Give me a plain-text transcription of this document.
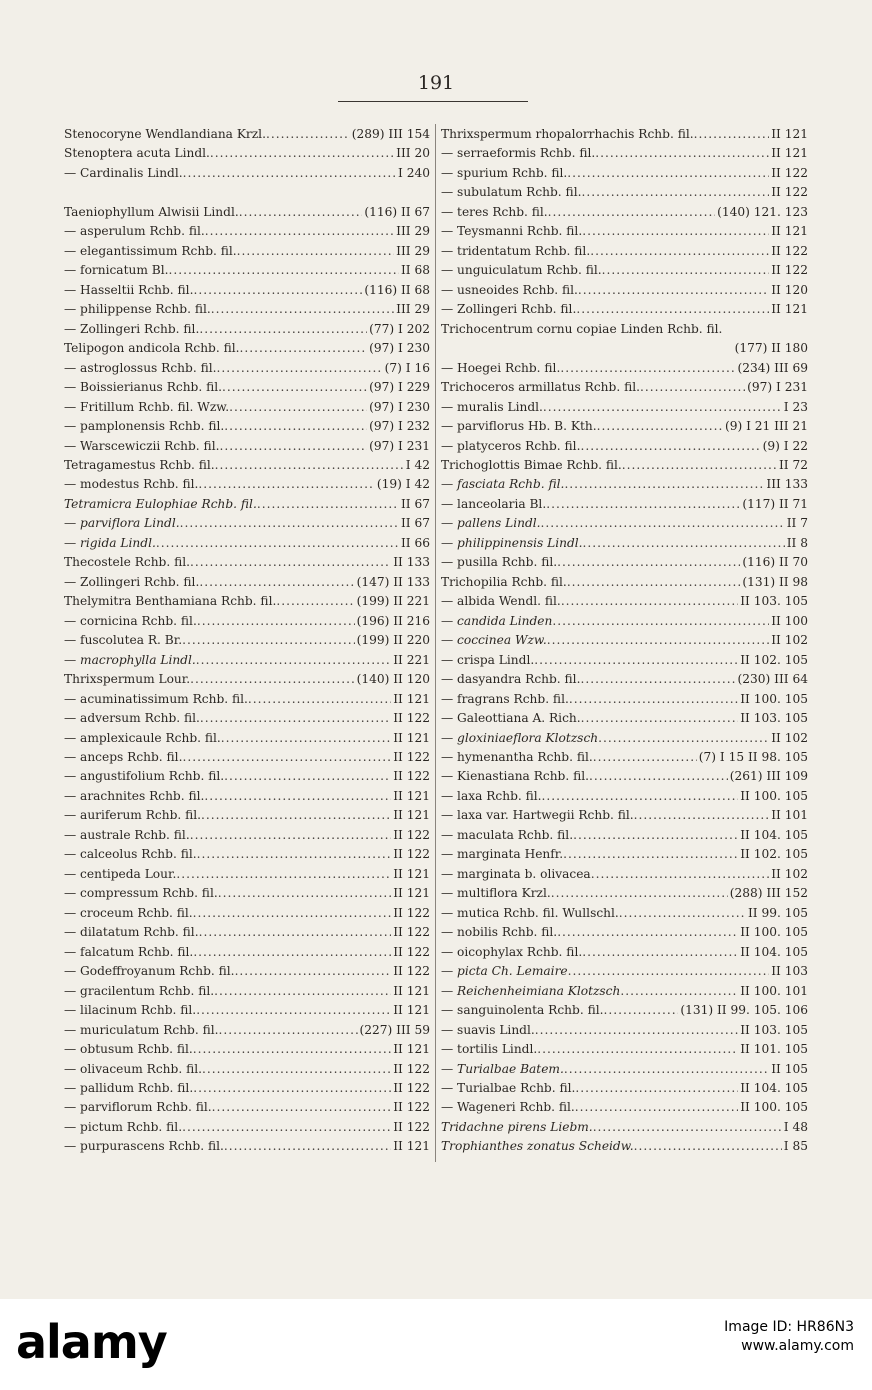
191
Stenocoryne Wendlandiana Krzl. .....	(289) III 154
Stenoptera acuta Lindl. .....	III 20
— Cardinalis Lindl. .....	I 240
Taeniophyllum Alwisii Lindl. .....	(116) II 67
— asperulum Rchb. fil. .....	III 29
— elegantissimum Rchb. fil. .....	III 29
— fornicatum Bl. .....	II 68
— Hasseltii Rchb. fil. .....	(116) II 68
— philippense Rchb. fil. .....	III 29
— Zollingeri Rchb. fil. .....	(77) I 202
Telipogon andicola Rchb. fil. .....	(97) I 230
— astroglossus Rchb. fil. .....	(7) I 16
— Boissierianus Rchb. fil. .....	(97) I 229
— Fritillum Rchb. fil. Wzw. .....	(97) I 230
— pamplonensis Rchb. fil. .....	(97) I 232
— Warscewiczii Rchb. fil. .....	(97) I 231
Tetragamestus Rchb. fil. .....	I 42
— modestus Rchb. fil. .....	(19) I 42
Tetramicra Eulophiae Rchb. fil. .....	II 67
— parviflora Lindl. .....	II 67
— rigida Lindl. .....	II 66
Thecostele Rchb. fil. .....	II 133
— Zollingeri Rchb. fil. .....	(147) II 133
Thelymitra Benthamiana Rchb. fil. .....	(199) II 221
— cornicina Rchb. fil. .....	(196) II 216
— fuscolutea R. Br. .....	(199) II 220
— macrophylla Lindl. .....	II 221
Thrixspermum Lour. .....	(140) II 120
— acuminatissimum Rchb. fil. .....	II 121
— adversum Rchb. fil. .....	II 122
— amplexicaule Rchb. fil. .....	II 121
— anceps Rchb. fil. .....	II 122
— angustifolium Rchb. fil. .....	II 122
— arachnites Rchb. fil. .....	II 121
— auriferum Rchb. fil. .....	II 121
— australe Rchb. fil. .....	II 122
— calceolus Rchb. fil. .....	II 122
— centipeda Lour. .....	II 121
— compressum Rchb. fil. .....	II 121
— croceum Rchb. fil. .....	II 122
— dilatatum Rchb. fil. .....	II 122
— falcatum Rchb. fil. .....	II 122
— Godeffroyanum Rchb. fil. .....	II 122
— gracilentum Rchb. fil. .....	II 121
— lilacinum Rchb. fil. .....	II 121
— muriculatum Rchb. fil. .....	(227) III 59
— obtusum Rchb. fil. .....	II 121
— olivaceum Rchb. fil. .....	II 122
— pallidum Rchb. fil. .....	II 122
— parviflorum Rchb. fil. .....	II 122
— pictum Rchb. fil. .....	II 122
— purpurascens Rchb. fil. .....	II 121
Thrixspermum rhopalorrhachis Rchb. fil. .....	II 121
— serraeformis Rchb. fil. .....	II 121
— spurium Rchb. fil. .....	II 122
— subulatum Rchb. fil. .....	II 122
— teres Rchb. fil. .....	(140) 121. 123
— Teysmanni Rchb. fil. .....	II 121
— tridentatum Rchb. fil. .....	II 122
— unguiculatum Rchb. fil. .....	II 122
— usneoides Rchb. fil. .....	II 120
— Zollingeri Rchb. fil. .....	II 121
Trichocentrum cornu copiae Linden Rchb. fil.
(177) II 180
— Hoegei Rchb. fil. .....	(234) III 69
Trichoceros armillatus Rchb. fil. .....	(97) I 231
— muralis Lindl. .....	I 23
— parviflorus Hb. B. Kth. .....	(9) I 21 III 21
— platyceros Rchb. fil. .....	(9) I 22
Trichoglottis Bimae Rchb. fil. .....	II 72
— fasciata Rchb. fil. .....	III 133
— lanceolaria Bl. .....	(117) II 71
— pallens Lindl. .....	II 7
— philippinensis Lindl. .....	II 8
— pusilla Rchb. fil. .....	(116) II 70
Trichopilia Rchb. fil. .....	(131) II 98
— albida Wendl. fil. .....	II 103. 105
— candida Linden .....	II 100
— coccinea Wzw. .....	II 102
— crispa Lindl. .....	II 102. 105
— dasyandra Rchb. fil. .....	(230) III 64
— fragrans Rchb. fil. .....	II 100. 105
— Galeottiana A. Rich. .....	II 103. 105
— gloxiniaeflora Klotzsch .....	II 102
— hymenantha Rchb. fil. .....	(7) I 15 II 98. 105
— Kienastiana Rchb. fil. .....	(261) III 109
— laxa Rchb. fil. .....	II 100. 105
— laxa var. Hartwegii Rchb. fil. .....	II 101
— maculata Rchb. fil. .....	II 104. 105
— marginata Henfr. .....	II 102. 105
— marginata b. olivacea .....	II 102
— multiflora Krzl. .....	(288) III 152
— mutica Rchb. fil. Wullschl. .....	II 99. 105
— nobilis Rchb. fil. .....	II 100. 105
— oicophylax Rchb. fil. .....	II 104. 105
— picta Ch. Lemaire .....	II 103
— Reichenheimiana Klotzsch .....	II 100. 101
— sanguinolenta Rchb. fil. .....	(131) II 99. 105. 106
— suavis Lindl. .....	II 103. 105
— tortilis Lindl. .....	II 101. 105
— Turialbae Batem. .....	II 105
— Turialbae Rchb. fil. .....	II 104. 105
— Wageneri Rchb. fil. .....	II 100. 105
Tridachne pirens Liebm. .....	I 48
Trophianthes zonatus Scheidw. .....	I 85
alamy	Image ID: HR86N3
www.alamy.com
